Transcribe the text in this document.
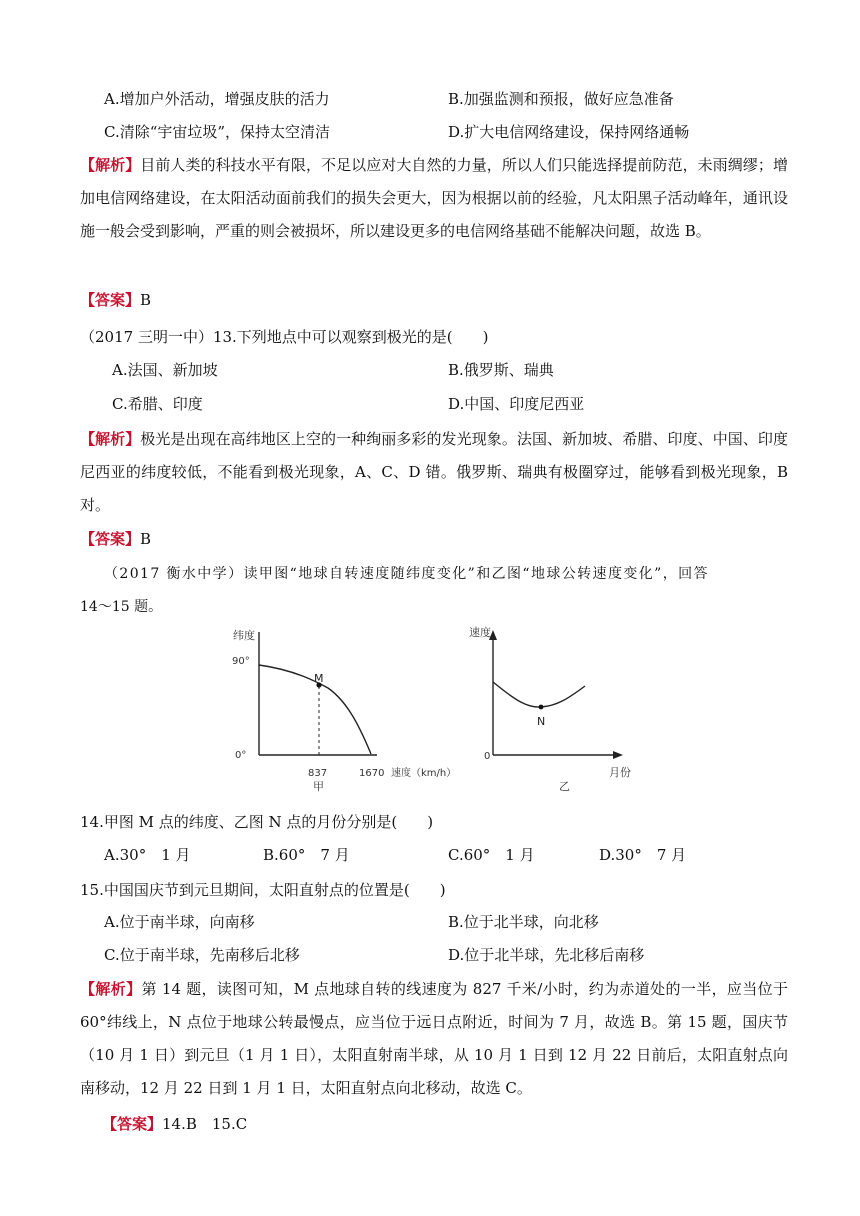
A.增加户外活动，增强皮肤的活力	B.加强监测和预报，做好应急准备
C.清除“宇宙垃圾”，保持太空清洁	D.扩大电信网络建设，保持网络通畅
【解析】目前人类的科技水平有限，不足以应对大自然的力量，所以人们只能选择提前防范，未雨绸缪；增加电信网络建设，在太阳活动面前我们的损失会更大，因为根据以前的经验，凡太阳黑子活动峰年，通讯设施一般会受到影响，严重的则会被损坏，所以建设更多的电信网络基础不能解决问题，故选 B。
【答案】B
（2017 三明一中）13.下列地点中可以观察到极光的是(　　)
A.法国、新加坡	B.俄罗斯、瑞典
C.希腊、印度	D.中国、印度尼西亚
【解析】极光是出现在高纬地区上空的一种绚丽多彩的发光现象。法国、新加坡、希腊、印度、中国、印度尼西亚的纬度较低，不能看到极光现象，A、C、D 错。俄罗斯、瑞典有极圈穿过，能够看到极光现象，B 对。
【答案】B
（2017 衡水中学）读甲图“地球自转速度随纬度变化”和乙图“地球公转速度变化”，回答
14～15 题。
纬度
90°
0°
M
837	1670 速度（km/h）
甲
速度
0
N
月份
乙
14.甲图 M 点的纬度、乙图 N 点的月份分别是(　　)
A.30°　1 月	B.60°　7 月	C.60°　1 月	D.30°　7 月
15.中国国庆节到元旦期间，太阳直射点的位置是(　　)
A.位于南半球，向南移	B.位于北半球，向北移
C.位于南半球，先南移后北移	D.位于北半球，先北移后南移
【解析】第 14 题，读图可知，M 点地球自转的线速度为 827 千米/小时，约为赤道处的一半，应当位于 60°纬线上，N 点位于地球公转最慢点，应当位于远日点附近，时间为 7 月，故选 B。第 15 题，国庆节（10 月 1 日）到元旦（1 月 1 日），太阳直射南半球，从 10 月 1 日到 12 月 22 日前后，太阳直射点向南移动，12 月 22 日到 1 月 1 日，太阳直射点向北移动，故选 C。
【答案】14.B　15.C
